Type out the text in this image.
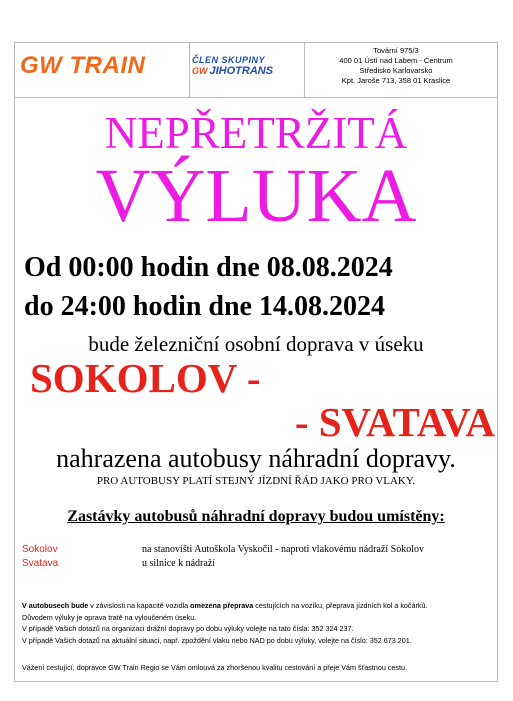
GW TRAIN	ČLEN SKUPINY
GW JIHOTRANS
Tovární 975/3
400 01 Ústí nad Labem - Centrum
Středisko Karlovarsko
Kpt. Jaroše 713, 358 01 Kraslice
NEPŘETRŽITÁ
VÝLUKA
Od 00:00 hodin dne 08.08.2024
do 24:00 hodin dne 14.08.2024
bude železniční osobní doprava v úseku
SOKOLOV -
- SVATAVA
nahrazena autobusy náhradní dopravy.
PRO AUTOBUSY PLATÍ STEJNÝ JÍZDNÍ ŘÁD JAKO PRO VLAKY.
Zastávky autobusů náhradní dopravy budou umístěny:
Sokolov	na stanovišti Autoškola Vyskočil - naproti vlakovému nádraží Sokolov
Svatava	u silnice k nádraží
V autobusech bude v závislosti na kapacitě vozidla omezena přeprava cestujících na vozíku, přeprava jízdních kol a kočárků.
Důvodem výluky je oprava tratě na vyloučeném úseku.
V případě Vašich dotazů na organizaci drážní dopravy po dobu výluky volejte na tato čísla: 352 324 237.
V případě Vašich dotazů na aktuální situaci, např. zpoždění vlaku nebo NAD po dobu výluky, volejte na číslo: 352 673 201.
Vážení cestující, dopravce GW Train Regio se Vám omlouvá za zhoršenou kvalitu cestování a přeje Vám šťastnou cestu.
